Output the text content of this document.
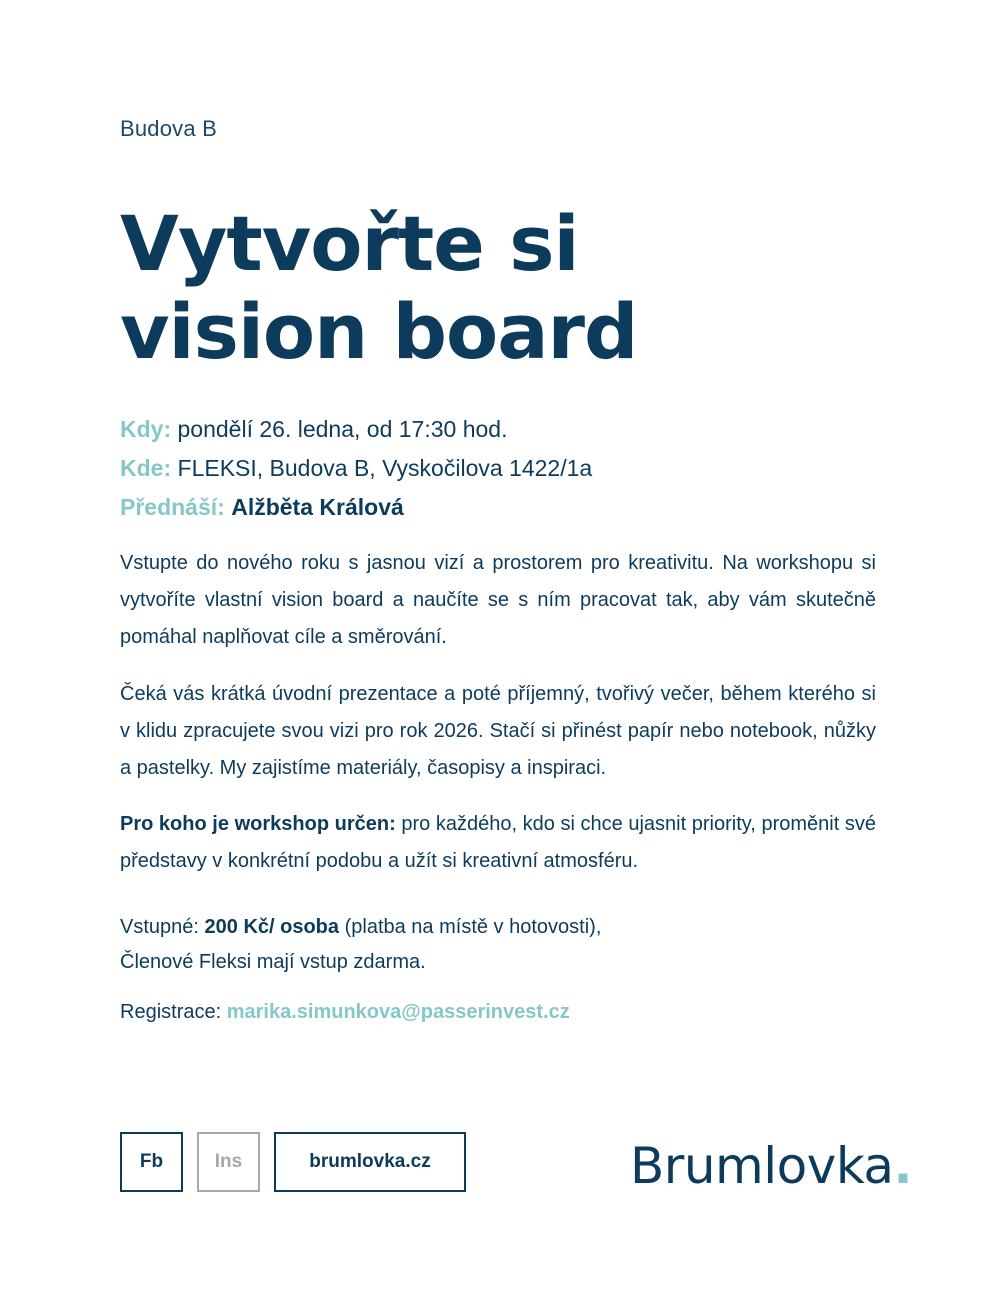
Budova B
Vytvořte si
vision board
Kdy: pondělí 26. ledna, od 17:30 hod.
Kde: FLEKSI, Budova B, Vyskočilova 1422/1a
Přednáší: Alžběta Králová

Vstupte do nového roku s jasnou vizí a prostorem pro kreativitu. Na workshopu si vytvoříte vlastní vision board a naučíte se s ním pracovat tak, aby vám skutečně pomáhal naplňovat cíle a směrování.

Čeká vás krátká úvodní prezentace a poté příjemný, tvořivý večer, během kterého si v klidu zpracujete svou vizi pro rok 2026. Stačí si přinést papír nebo notebook, nůžky a pastelky. My zajistíme materiály, časopisy a inspiraci.

Pro koho je workshop určen: pro každého, kdo si chce ujasnit priority, proměnit své představy v konkrétní podobu a užít si kreativní atmosféru.

Vstupné: 200 Kč/ osoba (platba na místě v hotovosti),
Členové Fleksi mají vstup zdarma.
Registrace: marika.simunkova@passerinvest.cz
Fb	Ins	brumlovka.cz	Brumlovka.
